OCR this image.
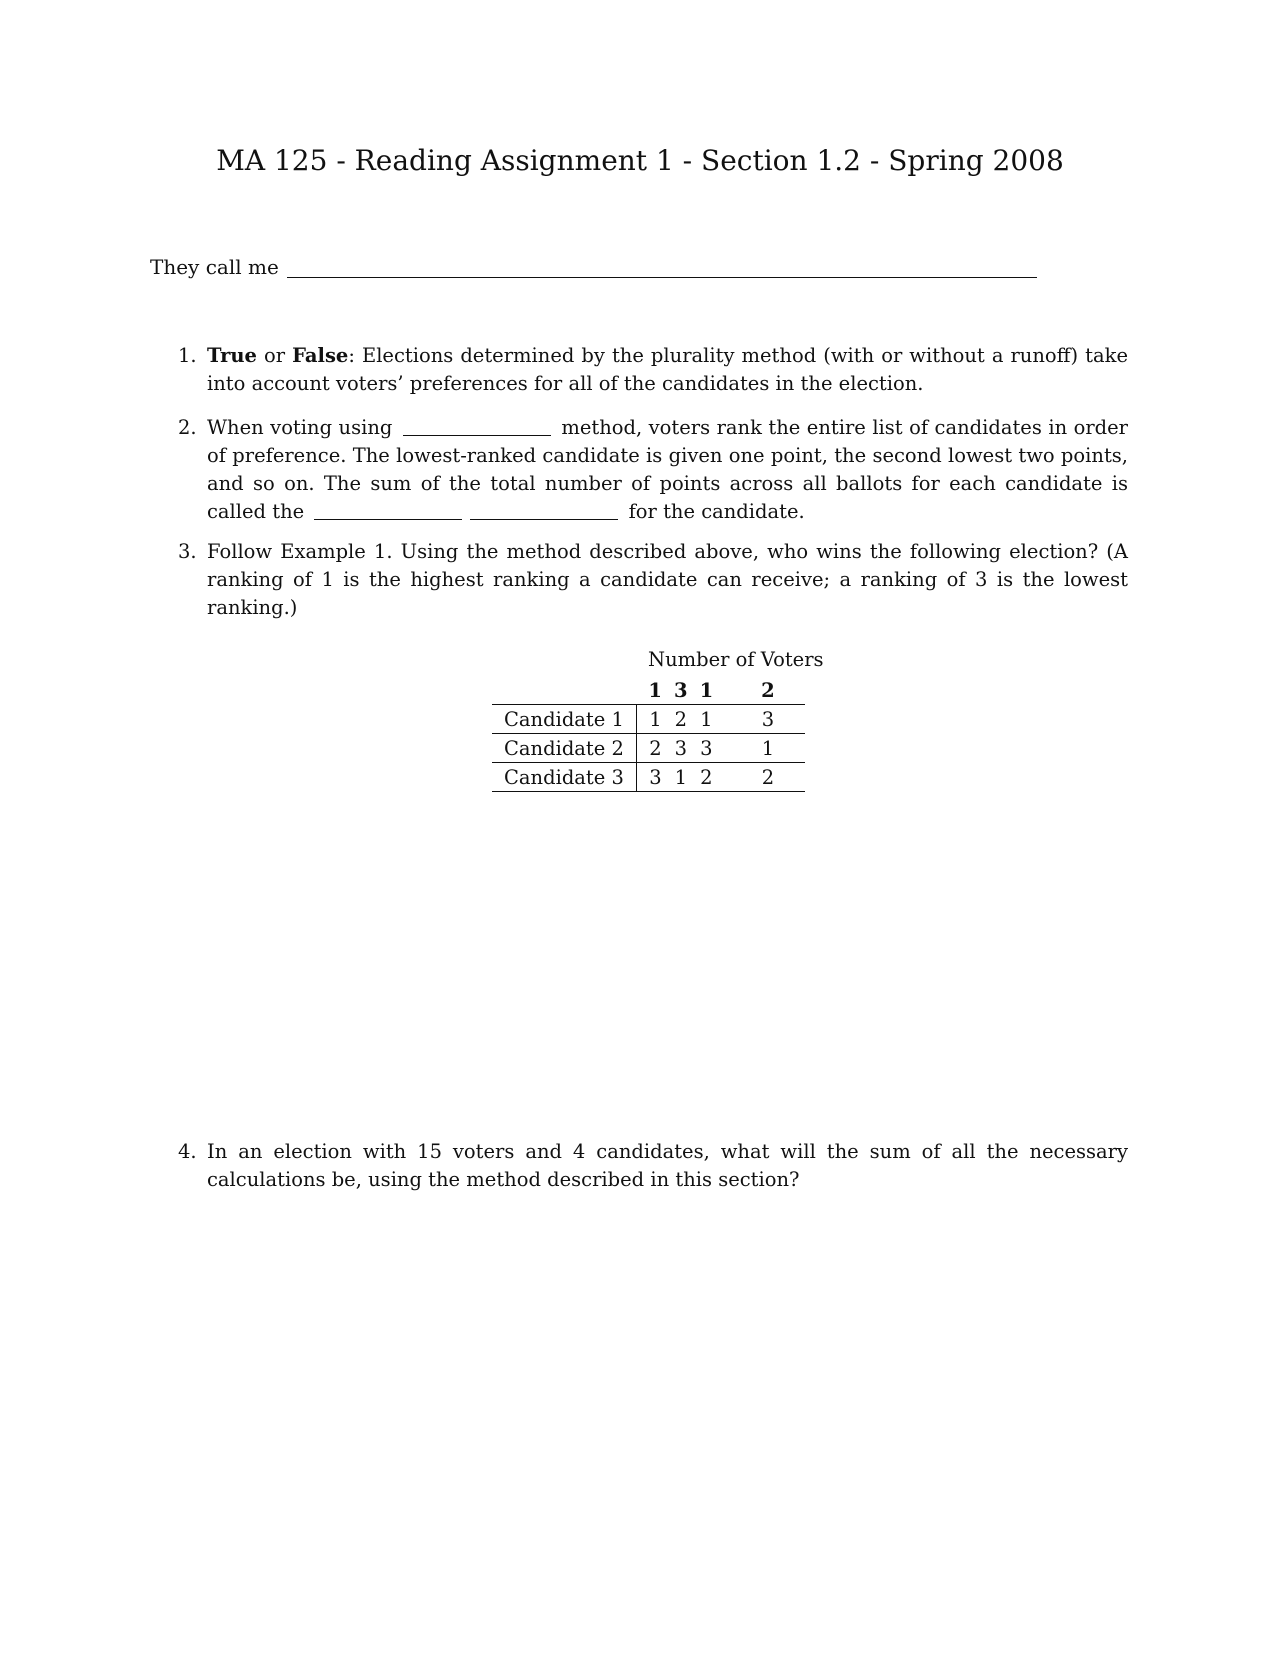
MA 125 - Reading Assignment 1 - Section 1.2 - Spring 2008
They call me
1. True or False: Elections determined by the plurality method (with or without a runoff) take into account voters’ preferences for all of the candidates in the election.
2. When voting using	method, voters rank the entire list of candidates in order of preference. The lowest-ranked candidate is given one point, the second lowest two points, and so on. The sum of the total number of points across all ballots for each candidate is called the	for the candidate.
3. Follow Example 1. Using the method described above, who wins the following election? (A ranking of 1 is the highest ranking a candidate can receive; a ranking of 3 is the lowest ranking.)
Number of Voters
	1	3	1	2
Candidate 1	1	2	1	3
Candidate 2	2	3	3	1
Candidate 3	3	1	2	2
4. In an election with 15 voters and 4 candidates, what will the sum of all the necessary calculations be, using the method described in this section?
